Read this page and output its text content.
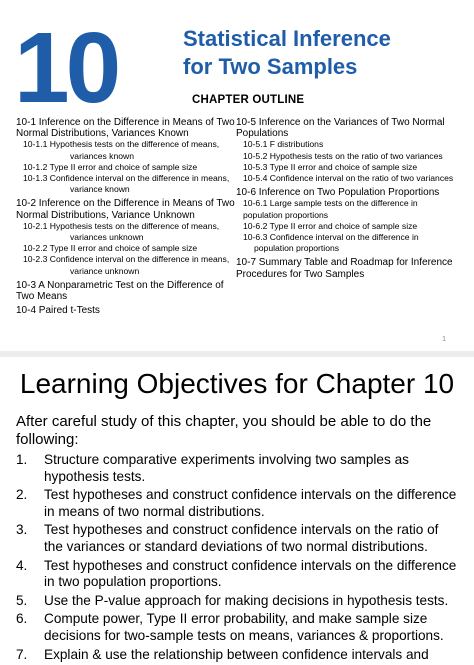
10	Statistical Inference
for Two Samples
CHAPTER OUTLINE
10-1 Inference on the Difference in Means of Two
Normal Distributions, Variances Known
10-1.1 Hypothesis tests on the difference of means,
variances known
10-1.2 Type II error and choice of sample size
10-1.3 Confidence interval on the difference in means,
variance known
10-2 Inference on the Difference in Means of Two
Normal Distributions, Variance Unknown
10-2.1 Hypothesis tests on the difference of means,
variances unknown
10-2.2 Type II error and choice of sample size
10-2.3 Confidence interval on the difference in means,
variance unknown
10-3 A Nonparametric Test on the Difference of
Two Means
10-4 Paired t-Tests
10-5 Inference on the Variances of Two Normal
Populations
10-5.1 F distributions
10-5.2 Hypothesis tests on the ratio of two variances
10-5.3 Type II error and choice of sample size
10-5.4 Confidence interval on the ratio of two variances
10-6 Inference on Two Population Proportions
10-6.1 Large sample tests on the difference in
population proportions
10-6.2 Type II error and choice of sample size
10-6.3 Confidence interval on the difference in
population proportions
10-7 Summary Table and Roadmap for Inference
Procedures for Two Samples
1
Learning Objectives for Chapter 10
After careful study of this chapter, you should be able to do the following:
1.	Structure comparative experiments involving two samples as hypothesis tests.
2.	Test hypotheses and construct confidence intervals on the difference in means of two normal distributions.
3.	Test hypotheses and construct confidence intervals on the ratio of the variances or standard deviations of two normal distributions.
4.	Test hypotheses and construct confidence intervals on the difference in two population proportions.
5.	Use the P-value approach for making decisions in hypothesis tests.
6.	Compute power, Type II error probability, and make sample size decisions for two-sample tests on means, variances & proportions.
7.	Explain & use the relationship between confidence intervals and
